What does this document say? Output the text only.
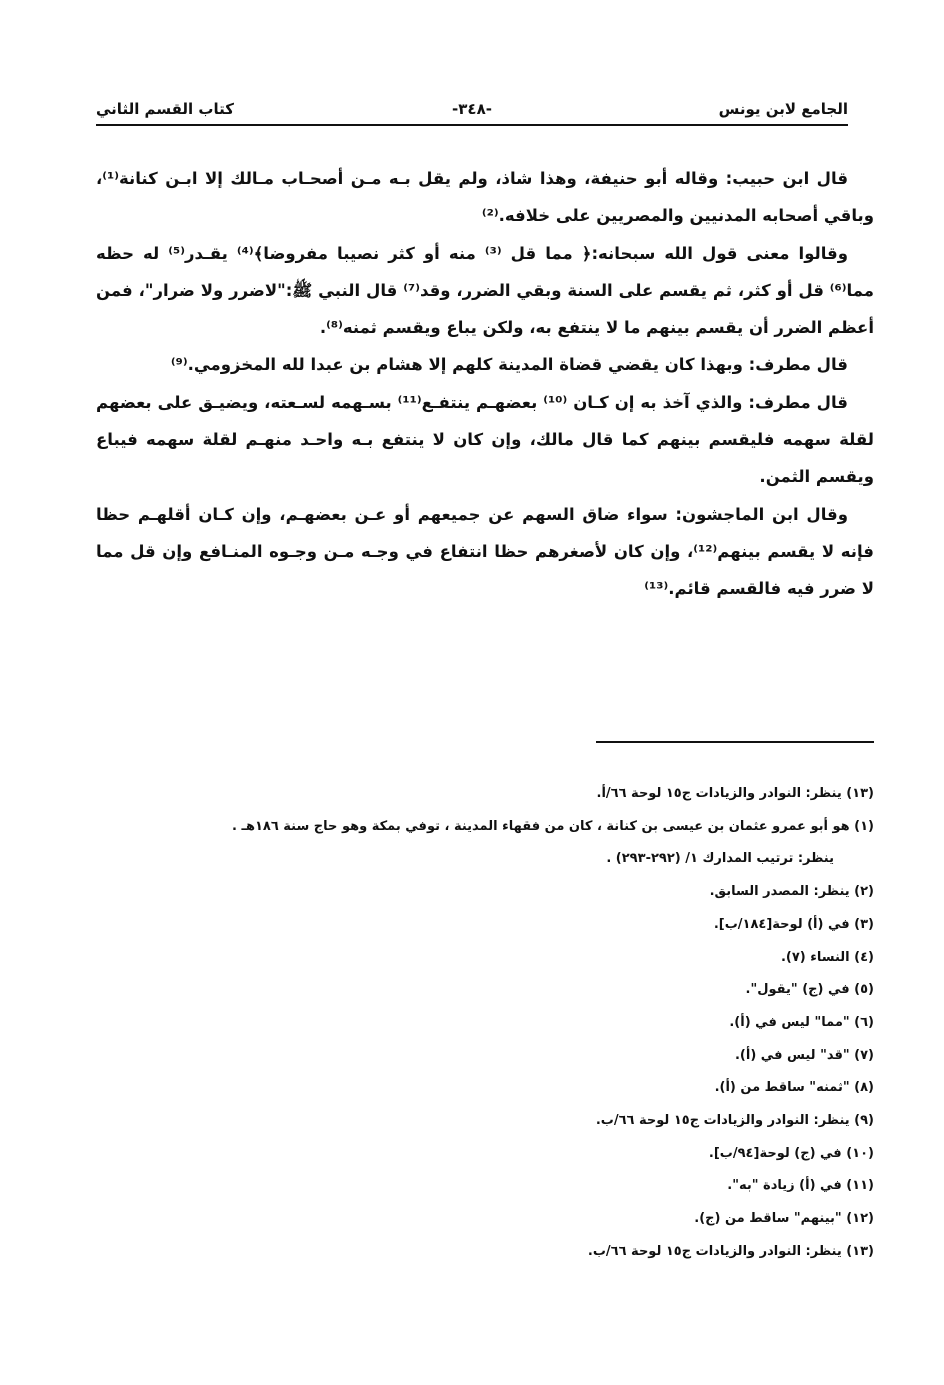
الجامع لابن يونس
-٣٤٨-
كتاب القسم الثاني

قال ابن حبيب: وقاله أبو حنيفة، وهذا شاذ، ولم يقل بـه مـن أصحـاب مـالك إلا ابـن كنانة⁽¹⁾، وباقي أصحابه المدنيين والمصريين على خلافه.⁽²⁾

وقالوا معنى قول الله سبحانه:﴿ مما قل ⁽³⁾ منه أو كثر نصيبا مفروضا﴾⁽⁴⁾ يقـدر⁽⁵⁾ له حظه مما⁽⁶⁾ قل أو كثر، ثم يقسم على السنة وبقي الضرر، وقد⁽⁷⁾ قال النبي ﷺ:"لاضرر ولا ضرار"، فمن أعظم الضرر أن يقسم بينهم ما لا ينتفع به، ولكن يباع ويقسم ثمنه⁽⁸⁾.

قال مطرف: وبهذا كان يقضي قضاة المدينة كلهم إلا هشام بن عبدا لله المخزومي.⁽⁹⁾

قال مطرف: والذي آخذ به إن كـان ⁽¹⁰⁾ بعضهـم ينتفـع⁽¹¹⁾ بسـهمه لسـعته، ويضيـق على بعضهم لقلة سهمه فليقسم بينهم كما قال مالك، وإن كان لا ينتفع بـه واحـد منهـم لقلة سهمه فيباع ويقسم الثمن.

وقال ابن الماجشون: سواء ضاق السهم عن جميعهم أو عـن بعضهـم، وإن كـان أقلهـم حظا فإنه لا يقسم بينهم⁽¹²⁾، وإن كان لأصغرهم حظا انتفاع في وجـه مـن وجـوه المنـافع وإن قل مما لا ضرر فيه فالقسم قائم.⁽¹³⁾

(١٣) ينظر: النوادر والزيادات ج١٥ لوحة ٦٦/أ.
(١) هو أبو عمرو عثمان بن عيسى بن كنانة ، كان من فقهاء المدينة ، توفي بمكة وهو حاج سنة ١٨٦هـ .
ينظر: ترتيب المدارك ١/ (٢٩٢-٢٩٣) .
(٢) ينظر: المصدر السابق.
(٣) في (أ) لوحة[١٨٤/ب].
(٤) النساء (٧).
(٥) في (ج) "يقول".
(٦) "مما" ليس في (أ).
(٧) "قد" ليس في (أ).
(٨) "ثمنه" ساقط من (أ).
(٩) ينظر: النوادر والزيادات ج١٥ لوحة ٦٦/ب.
(١٠) في (ج) لوحة[٩٤/ب].
(١١) في (أ) زيادة "به".
(١٢) "بينهم" ساقط من (ج).
(١٣) ينظر: النوادر والزيادات ج١٥ لوحة ٦٦/ب.
